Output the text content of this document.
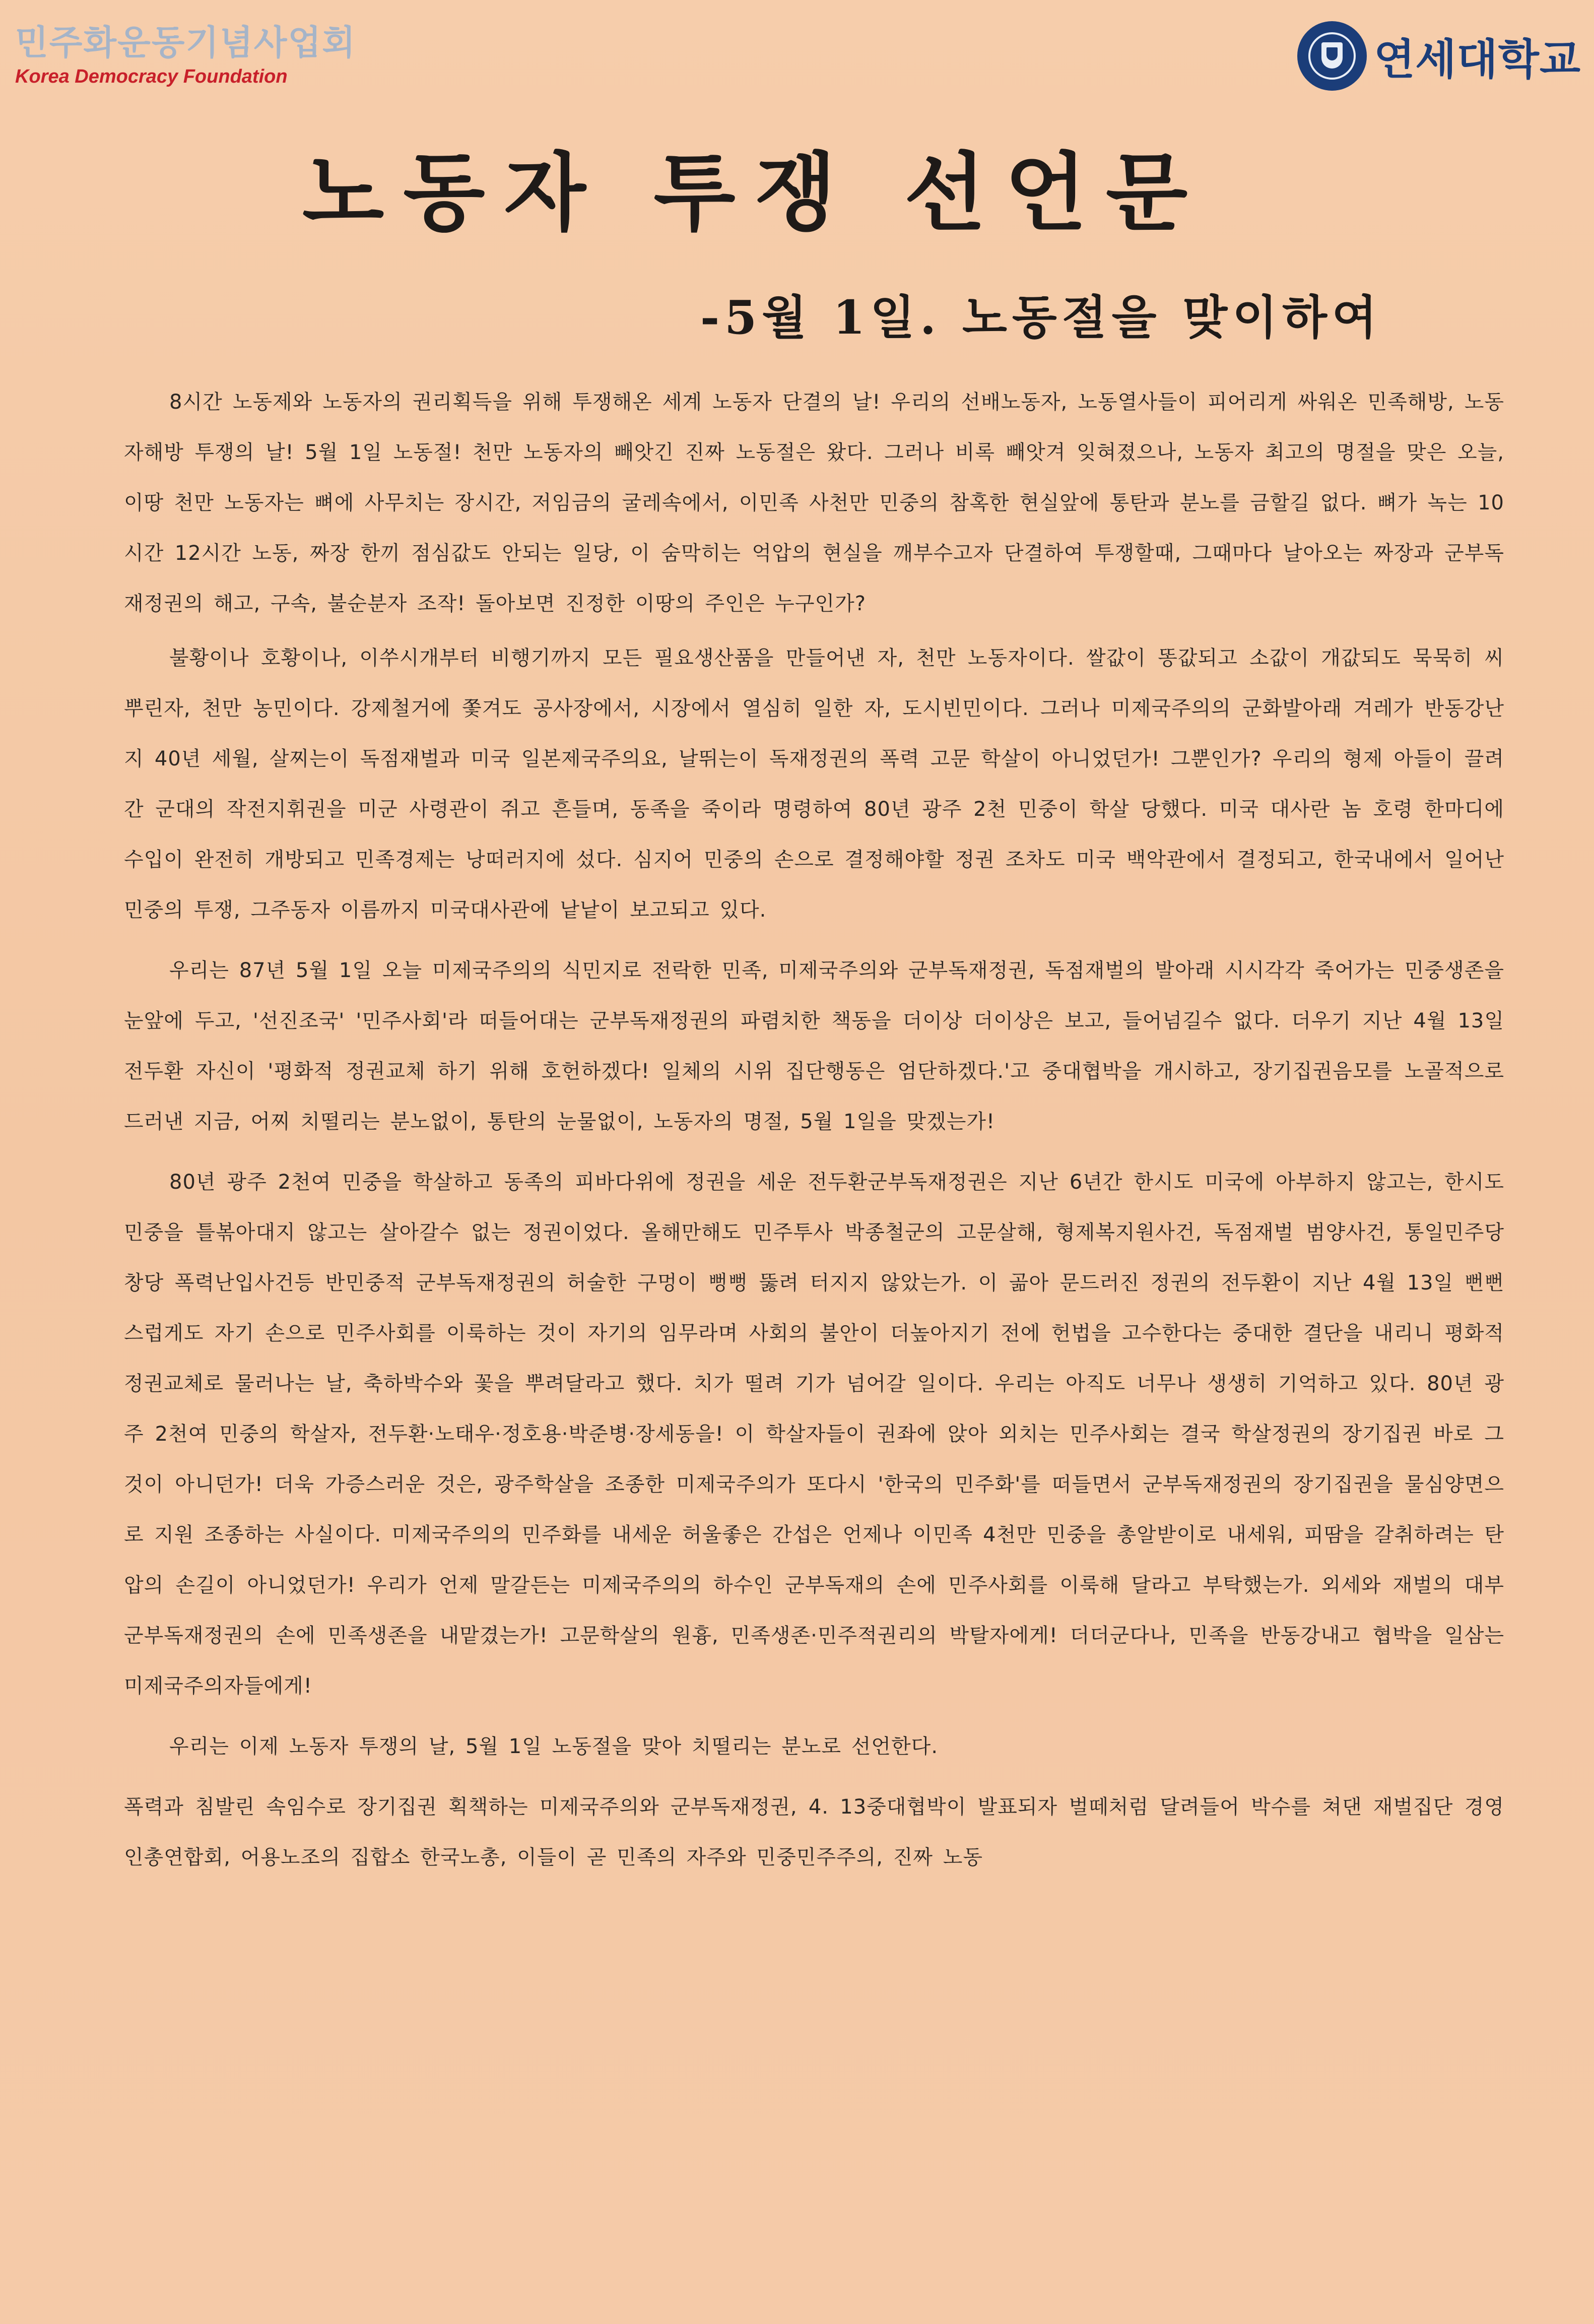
민주화운동기념사업회
Korea Democracy Foundation	연세대학교
노동자 투쟁 선언문
-5월 1일. 노동절을 맞이하여

8시간 노동제와 노동자의 권리획득을 위해 투쟁해온 세계 노동자 단결의 날! 우리의 선배노동자, 노동열사들이 피어리게 싸워온 민족해방, 노동자해방 투쟁의 날! 5월 1일 노동절! 천만 노동자의 빼앗긴 진짜 노동절은 왔다. 그러나 비록 빼앗겨 잊혀졌으나, 노동자 최고의 명절을 맞은 오늘, 이땅 천만 노동자는 뼈에 사무치는 장시간, 저임금의 굴레속에서, 이민족 사천만 민중의 참혹한 현실앞에 통탄과 분노를 금할길 없다. 뼈가 녹는 10시간 12시간 노동, 짜장 한끼 점심값도 안되는 일당, 이 숨막히는 억압의 현실을 깨부수고자 단결하여 투쟁할때, 그때마다 날아오는 짜장과 군부독재정권의 해고, 구속, 불순분자 조작! 돌아보면 진정한 이땅의 주인은 누구인가?

불황이나 호황이나, 이쑤시개부터 비행기까지 모든 필요생산품을 만들어낸 자, 천만 노동자이다. 쌀값이 똥값되고 소값이 개값되도 묵묵히 씨 뿌린자, 천만 농민이다. 강제철거에 쫓겨도 공사장에서, 시장에서 열심히 일한 자, 도시빈민이다. 그러나 미제국주의의 군화발아래 겨레가 반동강난지 40년 세월, 살찌는이 독점재벌과 미국 일본제국주의요, 날뛰는이 독재정권의 폭력 고문 학살이 아니었던가! 그뿐인가? 우리의 형제 아들이 끌려간 군대의 작전지휘권을 미군 사령관이 쥐고 흔들며, 동족을 죽이라 명령하여 80년 광주 2천 민중이 학살 당했다. 미국 대사란 놈 호령 한마디에 수입이 완전히 개방되고 민족경제는 낭떠러지에 섰다. 심지어 민중의 손으로 결정해야할 정권 조차도 미국 백악관에서 결정되고, 한국내에서 일어난 민중의 투쟁, 그주동자 이름까지 미국대사관에 낱낱이 보고되고 있다.

우리는 87년 5월 1일 오늘 미제국주의의 식민지로 전락한 민족, 미제국주의와 군부독재정권, 독점재벌의 발아래 시시각각 죽어가는 민중생존을 눈앞에 두고, '선진조국' '민주사회'라 떠들어대는 군부독재정권의 파렴치한 책동을 더이상 더이상은 보고, 들어넘길수 없다. 더우기 지난 4월 13일 전두환 자신이 '평화적 정권교체 하기 위해 호헌하겠다! 일체의 시위 집단행동은 엄단하겠다.'고 중대협박을 개시하고, 장기집권음모를 노골적으로 드러낸 지금, 어찌 치떨리는 분노없이, 통탄의 눈물없이, 노동자의 명절, 5월 1일을 맞겠는가!

80년 광주 2천여 민중을 학살하고 동족의 피바다위에 정권을 세운 전두환군부독재정권은 지난 6년간 한시도 미국에 아부하지 않고는, 한시도 민중을 틀볶아대지 않고는 살아갈수 없는 정권이었다. 올해만해도 민주투사 박종철군의 고문살해, 형제복지원사건, 독점재벌 범양사건, 통일민주당 창당 폭력난입사건등 반민중적 군부독재정권의 허술한 구멍이 뻥뻥 뚫려 터지지 않았는가. 이 곪아 문드러진 정권의 전두환이 지난 4월 13일 뻔뻔스럽게도 자기 손으로 민주사회를 이룩하는 것이 자기의 임무라며 사회의 불안이 더높아지기 전에 헌법을 고수한다는 중대한 결단을 내리니 평화적 정권교체로 물러나는 날, 축하박수와 꽃을 뿌려달라고 했다. 치가 떨려 기가 넘어갈 일이다. 우리는 아직도 너무나 생생히 기억하고 있다. 80년 광주 2천여 민중의 학살자, 전두환·노태우·정호용·박준병·장세동을! 이 학살자들이 권좌에 앉아 외치는 민주사회는 결국 학살정권의 장기집권 바로 그것이 아니던가! 더욱 가증스러운 것은, 광주학살을 조종한 미제국주의가 또다시 '한국의 민주화'를 떠들면서 군부독재정권의 장기집권을 물심양면으로 지원 조종하는 사실이다. 미제국주의의 민주화를 내세운 허울좋은 간섭은 언제나 이민족 4천만 민중을 총알받이로 내세워, 피땀을 갈취하려는 탄압의 손길이 아니었던가! 우리가 언제 말갈든는 미제국주의의 하수인 군부독재의 손에 민주사회를 이룩해 달라고 부탁했는가. 외세와 재벌의 대부 군부독재정권의 손에 민족생존을 내맡겼는가! 고문학살의 원흉, 민족생존·민주적권리의 박탈자에게! 더더군다나, 민족을 반동강내고 협박을 일삼는 미제국주의자들에게!

우리는 이제 노동자 투쟁의 날, 5월 1일 노동절을 맞아 치떨리는 분노로 선언한다.

폭력과 침발린 속임수로 장기집권 획책하는 미제국주의와 군부독재정권, 4. 13중대협박이 발표되자 벌떼처럼 달려들어 박수를 쳐댄 재벌집단 경영인총연합회, 어용노조의 집합소 한국노총, 이들이 곧 민족의 자주와 민중민주주의, 진짜 노동
